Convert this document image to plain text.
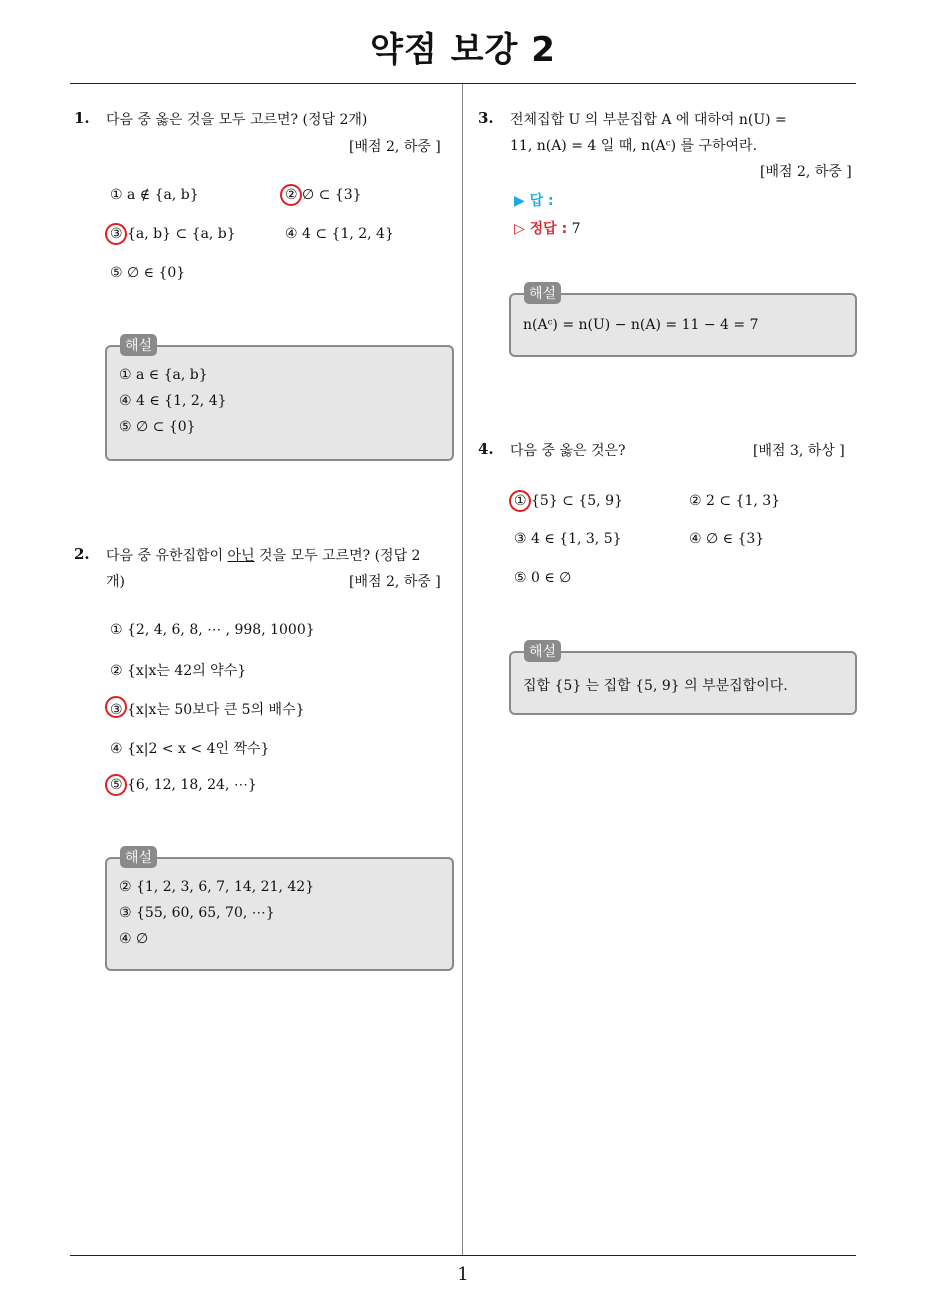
약점 보강 2
1
1. 다음 중 옳은 것을 모두 고르면? (정답 2개)
[배점 2, 하중 ]
① a ∉ {a, b}	② ∅ ⊂ {3}
③ {a, b} ⊂ {a, b}	④ 4 ⊂ {1, 2, 4}
⑤ ∅ ∈ {0}
① a ∈ {a, b}
④ 4 ∈ {1, 2, 4}
⑤ ∅ ⊂ {0}
해설
2. 다음 중 유한집합이 아닌 것을 모두 고르면? (정답 2
개)	[배점 2, 하중 ]
① {2, 4, 6, 8, ⋯ , 998, 1000}
② {x|x는 42의 약수}
③ {x|x는 50보다 큰 5의 배수}
④ {x|2 < x < 4인 짝수}
⑤ {6, 12, 18, 24, ⋯}
② {1, 2, 3, 6, 7, 14, 21, 42}
③ {55, 60, 65, 70, ⋯}
④ ∅
해설
3. 전체집합 U 의 부분집합 A 에 대하여 n(U) =
11, n(A) = 4 일 때, n(Aᶜ) 를 구하여라.
[배점 2, 하중 ]
▶ 답 :
▷ 정답 : 7
n(Aᶜ) = n(U) − n(A) = 11 − 4 = 7
해설
4. 다음 중 옳은 것은?	[배점 3, 하상 ]
① {5} ⊂ {5, 9}	② 2 ⊂ {1, 3}
③ 4 ∈ {1, 3, 5}	④ ∅ ∈ {3}
⑤ 0 ∈ ∅
집합 {5} 는 집합 {5, 9} 의 부분집합이다.
해설
